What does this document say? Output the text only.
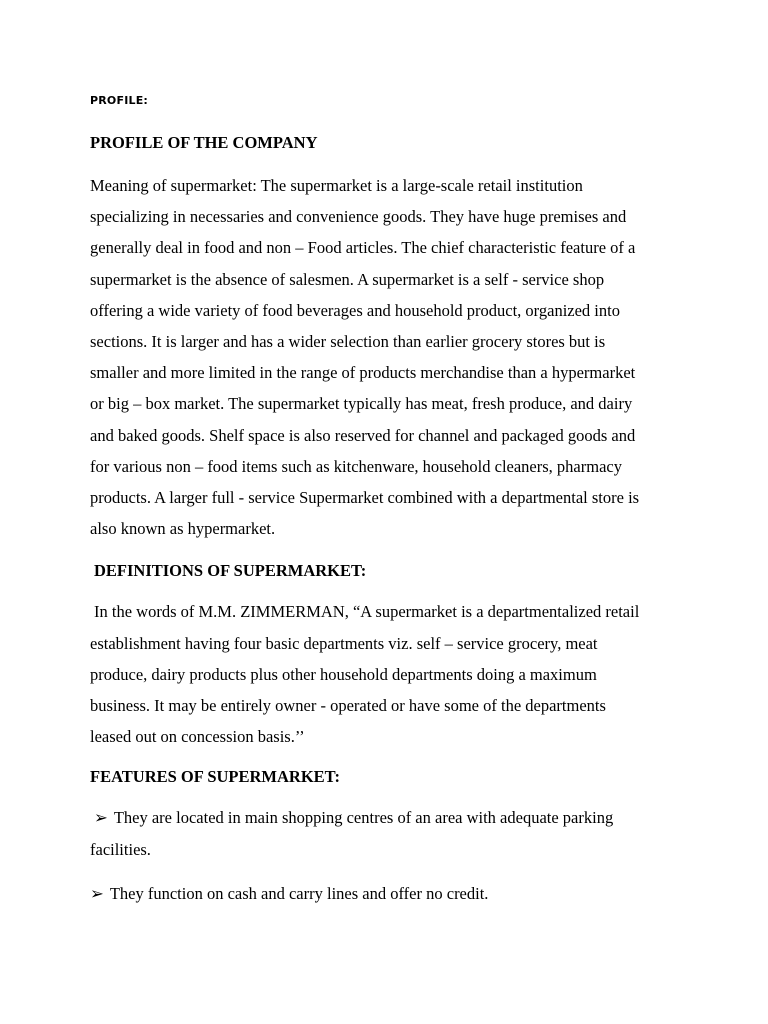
PROFILE:

PROFILE OF THE COMPANY

Meaning of supermarket: The supermarket is a large-scale retail institution

specializing in necessaries and convenience goods. They have huge premises and

generally deal in food and non – Food articles. The chief characteristic feature of a

supermarket is the absence of salesmen. A supermarket is a self - service shop

offering a wide variety of food beverages and household product, organized into

sections. It is larger and has a wider selection than earlier grocery stores but is

smaller and more limited in the range of products merchandise than a hypermarket

or big – box market. The supermarket typically has meat, fresh produce, and dairy

and baked goods. Shelf space is also reserved for channel and packaged goods and

for various non – food items such as kitchenware, household cleaners, pharmacy

products. A larger full - service Supermarket combined with a departmental store is

also known as hypermarket.

DEFINITIONS OF SUPERMARKET:

In the words of M.M. ZIMMERMAN, “A supermarket is a departmentalized retail

establishment having four basic departments viz. self – service grocery, meat

produce, dairy products plus other household departments doing a maximum

business. It may be entirely owner - operated or have some of the departments

leased out on concession basis.’’

FEATURES OF SUPERMARKET:

➢ They are located in main shopping centres of an area with adequate parking

facilities.

➢ They function on cash and carry lines and offer no credit.
